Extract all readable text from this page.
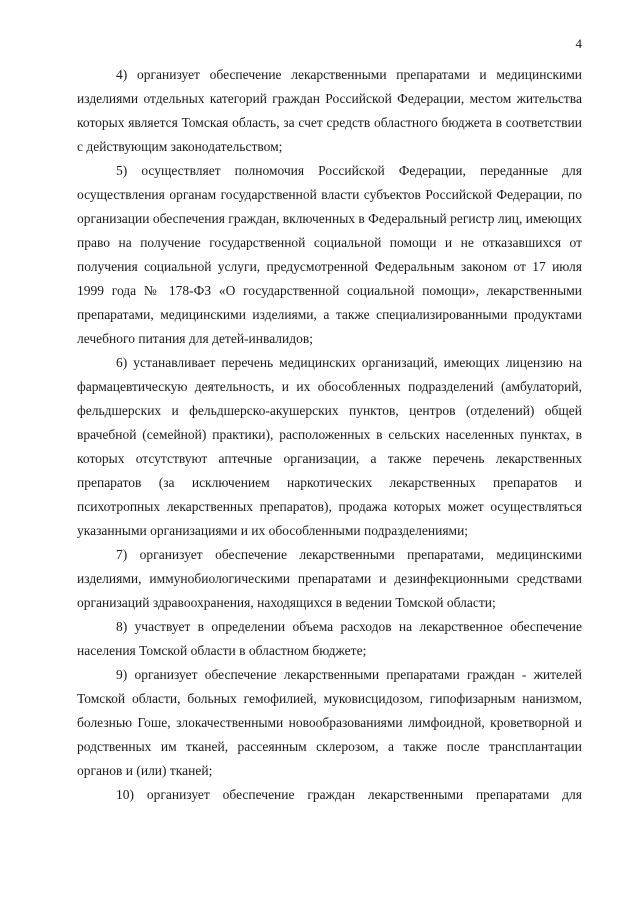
4

4) организует обеспечение лекарственными препаратами и медицинскими изделиями отдельных категорий граждан Российской Федерации, местом жительства которых является Томская область, за счет средств областного бюджета в соответствии с действующим законодательством;

5) осуществляет полномочия Российской Федерации, переданные для осуществления органам государственной власти субъектов Российской Федерации, по организации обеспечения граждан, включенных в Федеральный регистр лиц, имеющих право на получение государственной социальной помощи и не отказавшихся от получения социальной услуги, предусмотренной Федеральным законом от 17 июля 1999 года № 178-ФЗ «О государственной социальной помощи», лекарственными препаратами, медицинскими изделиями, а также специализированными продуктами лечебного питания для детей-инвалидов;

6) устанавливает перечень медицинских организаций, имеющих лицензию на фармацевтическую деятельность, и их обособленных подразделений (амбулаторий, фельдшерских и фельдшерско-акушерских пунктов, центров (отделений) общей врачебной (семейной) практики), расположенных в сельских населенных пунктах, в которых отсутствуют аптечные организации, а также перечень лекарственных препаратов (за исключением наркотических лекарственных препаратов и психотропных лекарственных препаратов), продажа которых может осуществляться указанными организациями и их обособленными подразделениями;

7) организует обеспечение лекарственными препаратами, медицинскими изделиями, иммунобиологическими препаратами и дезинфекционными средствами организаций здравоохранения, находящихся в ведении Томской области;

8) участвует в определении объема расходов на лекарственное обеспечение населения Томской области в областном бюджете;

9) организует обеспечение лекарственными препаратами граждан - жителей Томской области, больных гемофилией, муковисцидозом, гипофизарным нанизмом, болезнью Гоше, злокачественными новообразованиями лимфоидной, кроветворной и родственных им тканей, рассеянным склерозом, а также после трансплантации органов и (или) тканей;

10) организует обеспечение граждан лекарственными препаратами для
